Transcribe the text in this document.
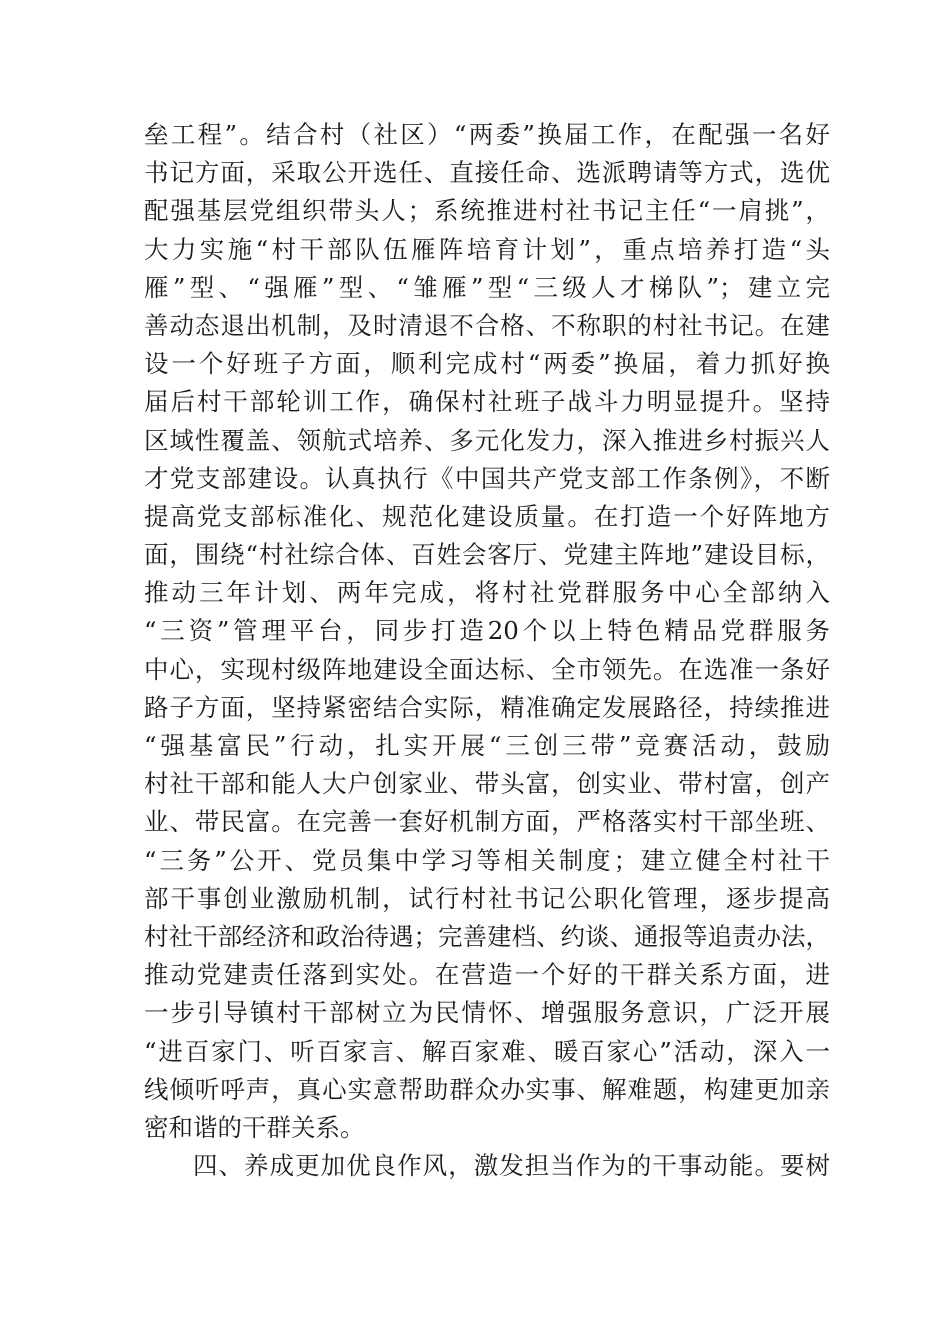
垒工程”。结合村（社区）“两委”换届工作，在配强一名好
书记方面，采取公开选任、直接任命、选派聘请等方式，选优
配强基层党组织带头人；系统推进村社书记主任“一肩挑”，
大力实施“村干部队伍雁阵培育计划”，重点培养打造“头
雁”型、“强雁”型、“雏雁”型“三级人才梯队”；建立完
善动态退出机制，及时清退不合格、不称职的村社书记。在建
设一个好班子方面，顺利完成村“两委”换届，着力抓好换
届后村干部轮训工作，确保村社班子战斗力明显提升。坚持
区域性覆盖、领航式培养、多元化发力，深入推进乡村振兴人
才党支部建设。认真执行《中国共产党支部工作条例》，不断
提高党支部标准化、规范化建设质量。在打造一个好阵地方
面，围绕“村社综合体、百姓会客厅、党建主阵地”建设目标，
推动三年计划、两年完成，将村社党群服务中心全部纳入
“三资”管理平台，同步打造20个以上特色精品党群服务
中心，实现村级阵地建设全面达标、全市领先。在选准一条好
路子方面，坚持紧密结合实际，精准确定发展路径，持续推进
“强基富民”行动，扎实开展“三创三带”竞赛活动，鼓励
村社干部和能人大户创家业、带头富，创实业、带村富，创产
业、带民富。在完善一套好机制方面，严格落实村干部坐班、
“三务”公开、党员集中学习等相关制度；建立健全村社干
部干事创业激励机制，试行村社书记公职化管理，逐步提高
村社干部经济和政治待遇；完善建档、约谈、通报等追责办法，
推动党建责任落到实处。在营造一个好的干群关系方面，进
一步引导镇村干部树立为民情怀、增强服务意识，广泛开展
“进百家门、听百家言、解百家难、暖百家心”活动，深入一
线倾听呼声，真心实意帮助群众办实事、解难题，构建更加亲
密和谐的干群关系。
四、养成更加优良作风，激发担当作为的干事动能。要树
